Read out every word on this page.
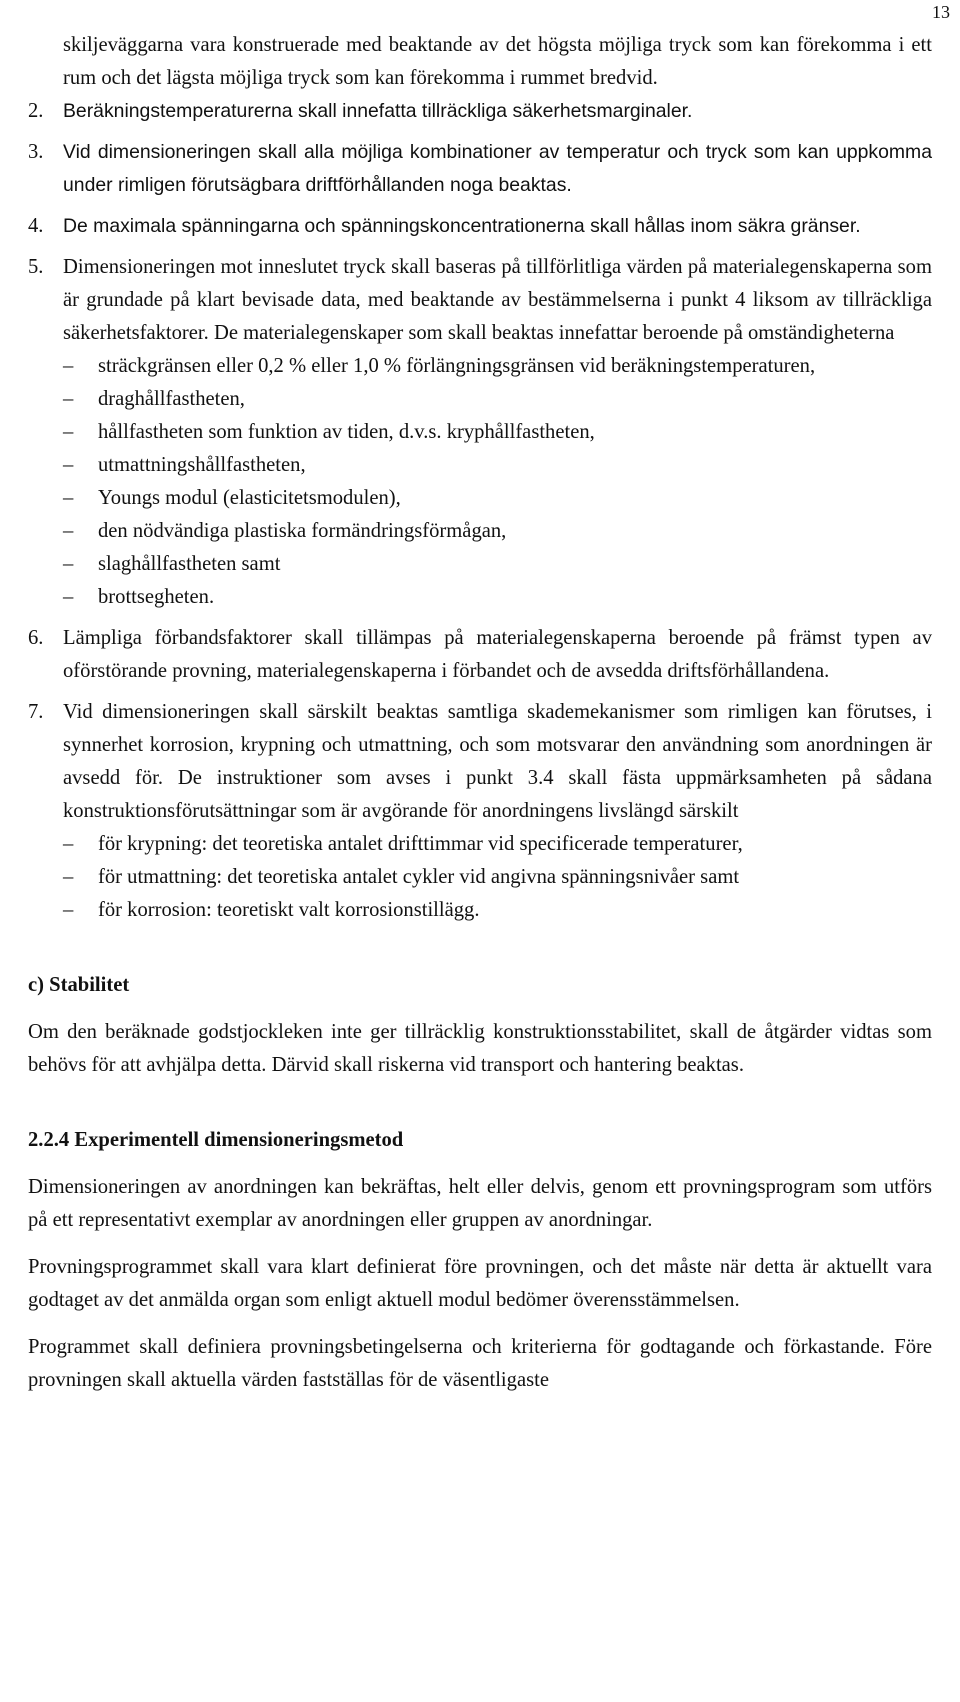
13

skiljeväggarna vara konstruerade med beaktande av det högsta möjliga tryck som kan förekomma i ett rum och det lägsta möjliga tryck som kan förekomma i rummet bredvid.

2. Beräkningstemperaturerna skall innefatta tillräckliga säkerhetsmarginaler.
3. Vid dimensioneringen skall alla möjliga kombinationer av temperatur och tryck som kan uppkomma under rimligen förutsägbara driftförhållanden noga beaktas.
4. De maximala spänningarna och spänningskoncentrationerna skall hållas inom säkra gränser.
5. Dimensioneringen mot inneslutet tryck skall baseras på tillförlitliga värden på materialegenskaperna som är grundade på klart bevisade data, med beaktande av bestämmelserna i punkt 4 liksom av tillräckliga säkerhetsfaktorer. De materialegenskaper som skall beaktas innefattar beroende på omständigheterna
–	sträckgränsen eller 0,2 % eller 1,0 % förlängningsgränsen vid beräkningstemperaturen,
–	draghållfastheten,
–	hållfastheten som funktion av tiden, d.v.s. kryphållfastheten,
–	utmattningshållfastheten,
–	Youngs modul (elasticitetsmodulen),
–	den nödvändiga plastiska formändringsförmågan,
–	slaghållfastheten samt
–	brottsegheten.
6. Lämpliga förbandsfaktorer skall tillämpas på materialegenskaperna beroende på främst typen av oförstörande provning, materialegenskaperna i förbandet och de avsedda driftsförhållandena.
7. Vid dimensioneringen skall särskilt beaktas samtliga skademekanismer som rimligen kan förutses, i synnerhet korrosion, krypning och utmattning, och som motsvarar den användning som anordningen är avsedd för. De instruktioner som avses i punkt 3.4 skall fästa uppmärksamheten på sådana konstruktionsförutsättningar som är avgörande för anordningens livslängd särskilt
–	för krypning: det teoretiska antalet drifttimmar vid specificerade temperaturer,
–	för utmattning: det teoretiska antalet cykler vid angivna spänningsnivåer samt
–	för korrosion: teoretiskt valt korrosionstillägg.
c) Stabilitet

Om den beräknade godstjockleken inte ger tillräcklig konstruktionsstabilitet, skall de åtgärder vidtas som behövs för att avhjälpa detta. Därvid skall riskerna vid transport och hantering beaktas.

2.2.4 Experimentell dimensioneringsmetod

Dimensioneringen av anordningen kan bekräftas, helt eller delvis, genom ett provningsprogram som utförs på ett representativt exemplar av anordningen eller gruppen av anordningar.

Provningsprogrammet skall vara klart definierat före provningen, och det måste när detta är aktuellt vara godtaget av det anmälda organ som enligt aktuell modul bedömer överensstämmelsen.

Programmet skall definiera provningsbetingelserna och kriterierna för godtagande och förkastande. Före provningen skall aktuella värden fastställas för de väsentligaste
